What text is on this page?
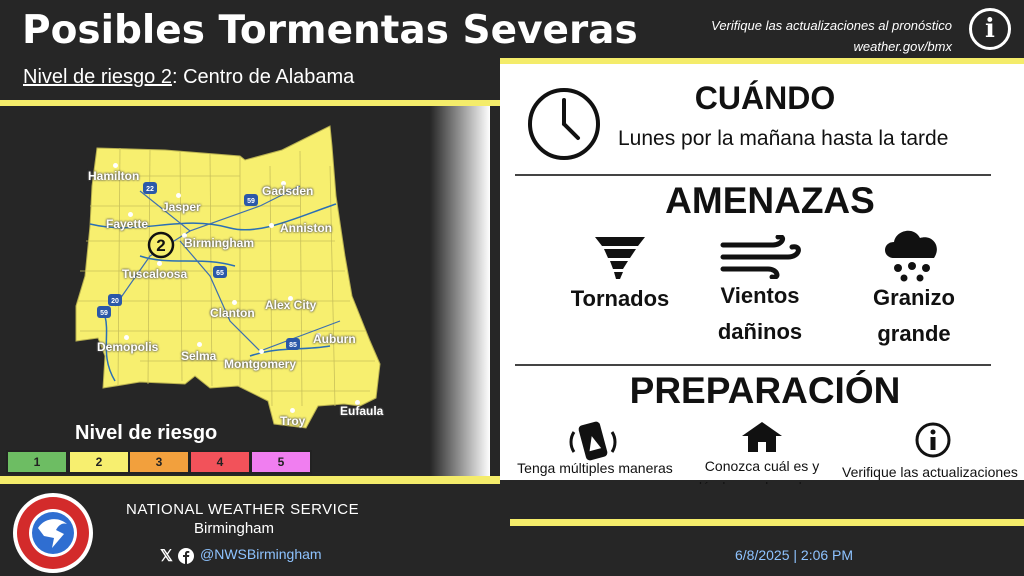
Posibles Tormentas Severas	Verifique las actualizaciones al pronóstico
weather.gov/bmx
i
Nivel de riesgo 2: Centro de Alabama
22
59
65
20
59
85
2
Hamilton
Jasper
Gadsden
Fayette
Birmingham
Anniston
Tuscaloosa
Alex City
Clanton
Demopolis
Selma
Montgomery
Auburn
Eufaula
Troy
Nivel de riesgo
1	2	3	4	5
CUÁNDO
Lunes por la mañana hasta la tarde
AMENAZAS
Tornados	Vientos
dañinos
Granizo
grande
PREPARACIÓN
Tenga múltiples maneras	Conozca cuál es y	Verifique las actualizaciones
NATIONAL WEATHER SERVICE
Birmingham
𝕏 @NWSBirmingham	6/8/2025 | 2:06 PM
